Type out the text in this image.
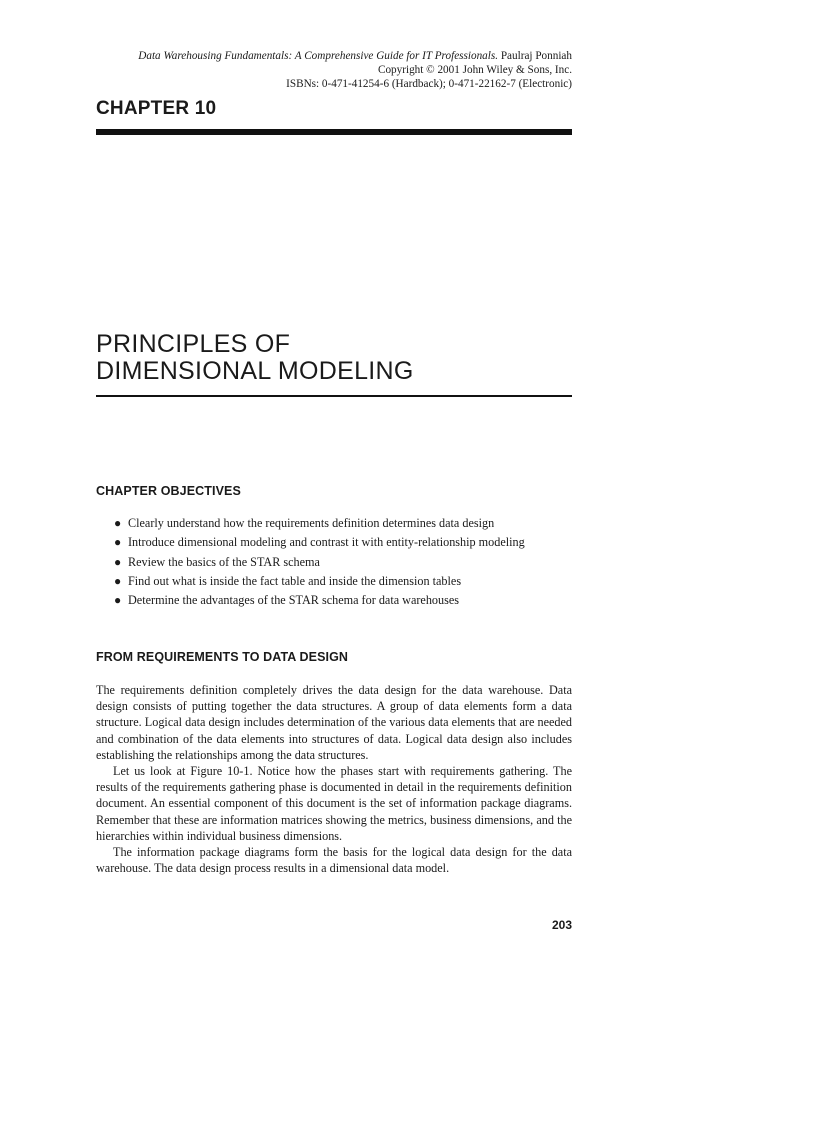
Data Warehousing Fundamentals: A Comprehensive Guide for IT Professionals. Paulraj Ponniah
Copyright © 2001 John Wiley & Sons, Inc.
ISBNs: 0-471-41254-6 (Hardback); 0-471-22162-7 (Electronic)
CHAPTER 10
PRINCIPLES OF
DIMENSIONAL MODELING
CHAPTER OBJECTIVES
● Clearly understand how the requirements definition determines data design
● Introduce dimensional modeling and contrast it with entity-relationship modeling
● Review the basics of the STAR schema
● Find out what is inside the fact table and inside the dimension tables
● Determine the advantages of the STAR schema for data warehouses
FROM REQUIREMENTS TO DATA DESIGN

The requirements definition completely drives the data design for the data warehouse. Data design consists of putting together the data structures. A group of data elements form a data structure. Logical data design includes determination of the various data elements that are needed and combination of the data elements into structures of data. Logical data design also includes establishing the relationships among the data structures.

Let us look at Figure 10-1. Notice how the phases start with requirements gathering. The results of the requirements gathering phase is documented in detail in the requirements definition document. An essential component of this document is the set of information package diagrams. Remember that these are information matrices showing the metrics, business dimensions, and the hierarchies within individual business dimensions.

The information package diagrams form the basis for the logical data design for the data warehouse. The data design process results in a dimensional data model.

203
